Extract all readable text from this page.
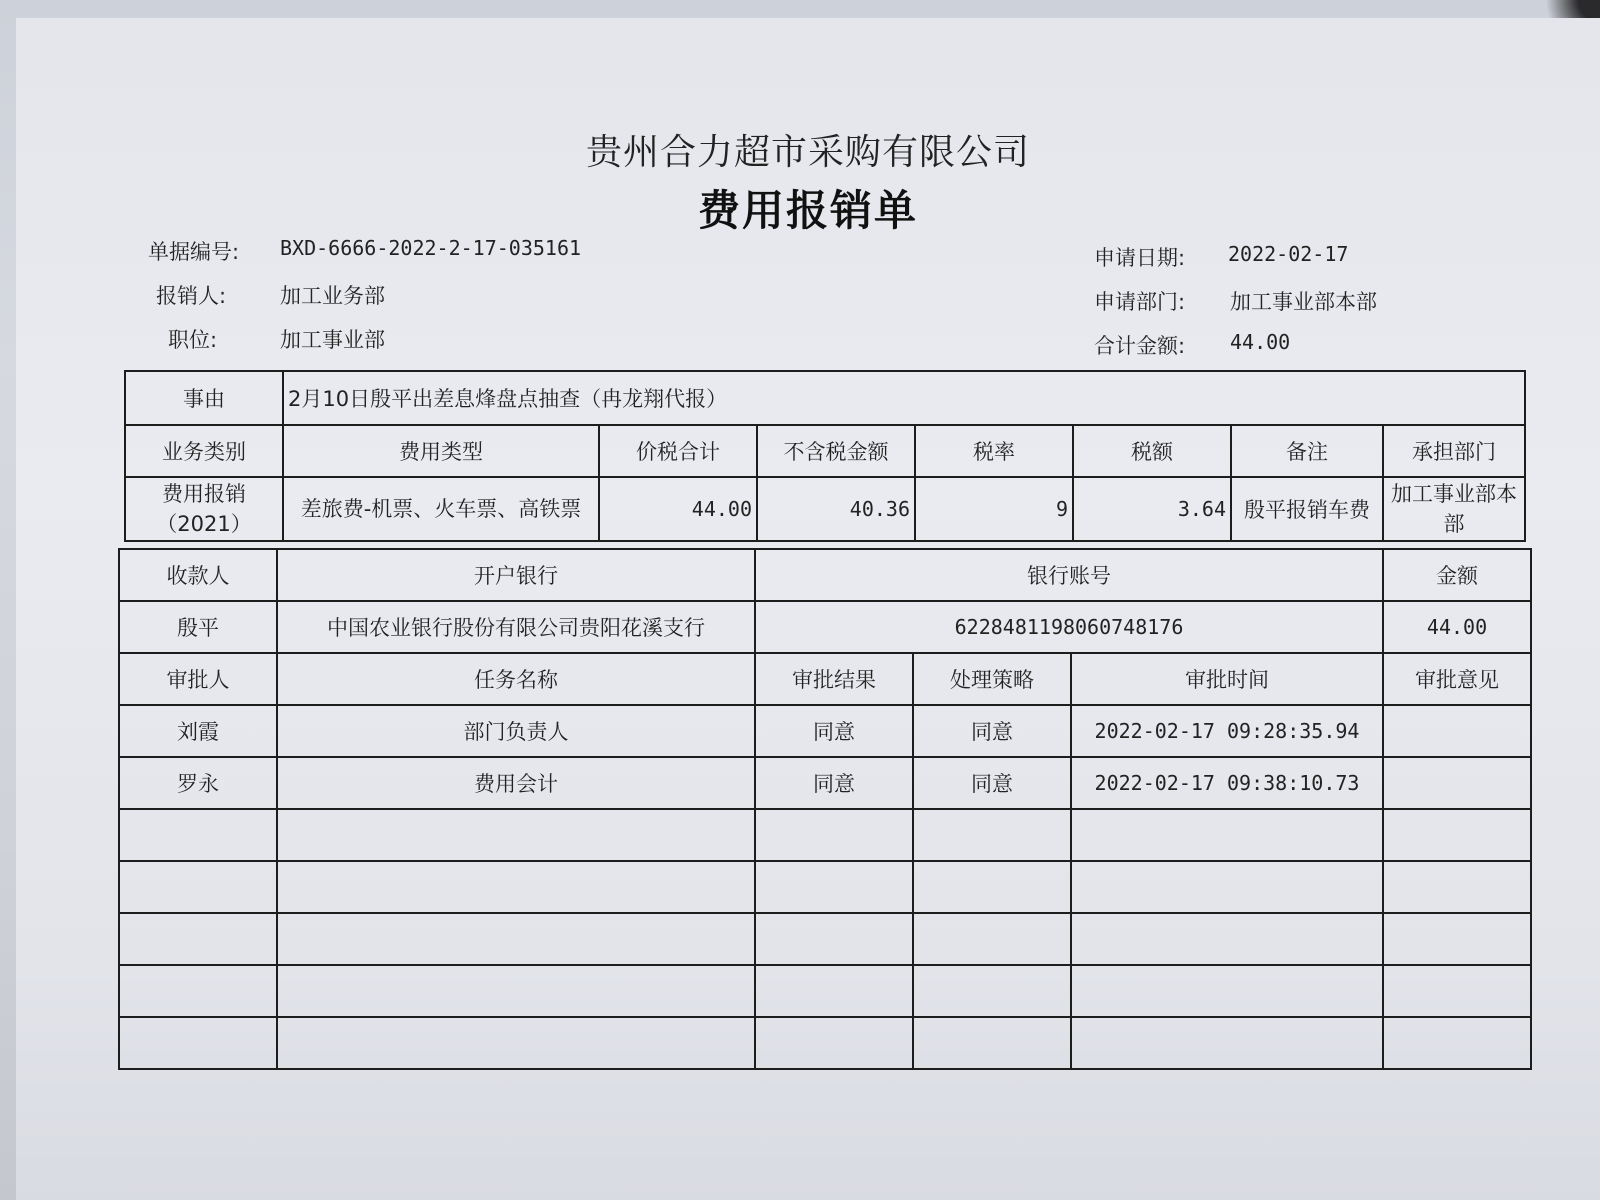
贵州合力超市采购有限公司
费用报销单
单据编号: BXD-6666-2022-2-17-035161
报销人:	加工业务部
职位:	加工事业部
申请日期: 2022-02-17
申请部门: 加工事业部本部
合计金额: 44.00
事由	2月10日殷平出差息烽盘点抽查（冉龙翔代报）						
业务类别	费用类型	价税合计	不含税金额	税率	税额	备注	承担部门
费用报销（2021）	差旅费-机票、火车票、高铁票	44.00	40.36	9	3.64	殷平报销车费	加工事业部本部
收款人	开户银行	银行账号			金额
殷平	中国农业银行股份有限公司贵阳花溪支行	6228481198060748176			44.00
审批人	任务名称	审批结果	处理策略	审批时间	审批意见
刘霞	部门负责人	同意	同意	2022-02-17 09:28:35.94	
罗永	费用会计	同意	同意	2022-02-17 09:38:10.73	
